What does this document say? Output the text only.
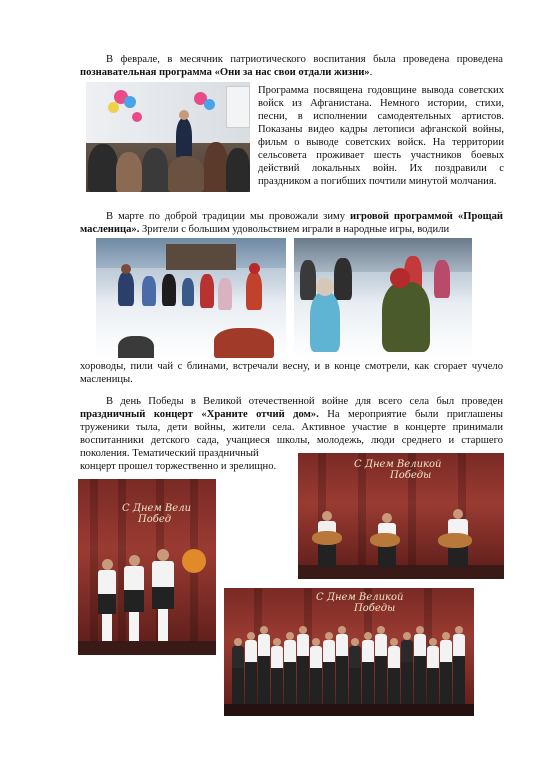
В феврале, в месячник патриотического воспитания была проведена проведена познавательная программа «Они за нас свои отдали жизни».

Программа посвящена годовщине вывода советских войск из Афганистана. Немного истории, стихи, песни, в исполнении самодеятельных артистов. Показаны видео кадры летописи афганской войны, фильм о выводе советских войск. На территории сельсовета проживает шесть участников боевых действий локальных войн. Их поздравили с праздником а погибших почтили минутой молчания.

В марте по доброй традиции мы провожали зиму игровой программой «Прощай масленица». Зрители с большим удовольствием играли в народные игры, водили

хороводы, пили чай с блинами, встречали весну, и в конце смотрели, как сгорает чучело масленицы.

В день Победы в Великой отечественной войне для всего села был проведен праздничный концерт «Храните отчий дом». На мероприятие были приглашены труженики тыла, дети войны, жители села. Активное участие в концерте принимали воспитанники детского сада, учащиеся школы, молодежь, люди среднего и старшего поколения. Тематический праздничный

концерт прошел торжественно и зрелищно.	С Днем Великой
Победы
С Днем Вели
Побед
С Днем Великой
Победы
